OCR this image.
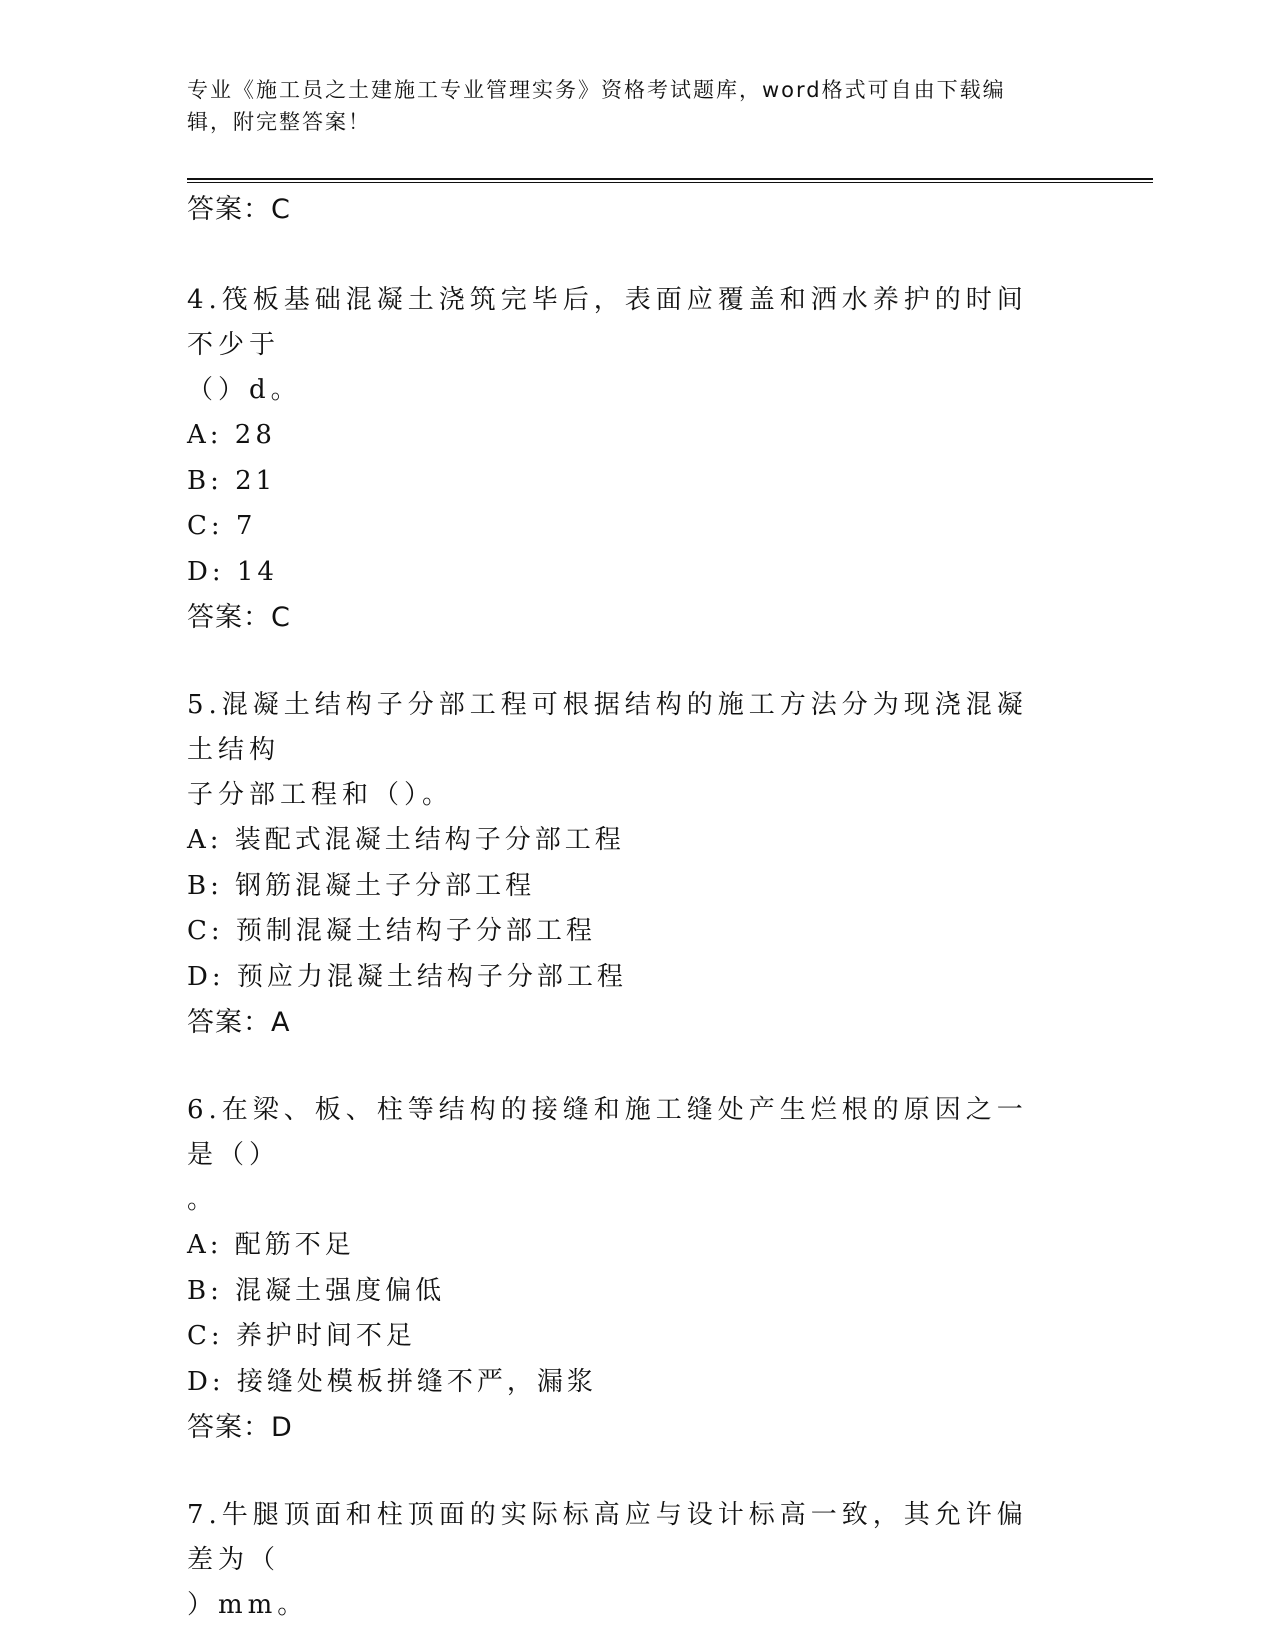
专业《施工员之土建施工专业管理实务》资格考试题库，word格式可自由下载编
辑，附完整答案！
答案：C
4.筏板基础混凝土浇筑完毕后，表面应覆盖和洒水养护的时间不少于
（）d。
A: 28
B: 21
C: 7
D: 14
答案：C
5.混凝土结构子分部工程可根据结构的施工方法分为现浇混凝土结构
子分部工程和（）。
A: 装配式混凝土结构子分部工程
B: 钢筋混凝土子分部工程
C: 预制混凝土结构子分部工程
D: 预应力混凝土结构子分部工程
答案：A
6.在梁、板、柱等结构的接缝和施工缝处产生烂根的原因之一是（）
。
A: 配筋不足
B: 混凝土强度偏低
C: 养护时间不足
D: 接缝处模板拼缝不严，漏浆
答案：D
7.牛腿顶面和柱顶面的实际标高应与设计标高一致，其允许偏差为（
）mm。
